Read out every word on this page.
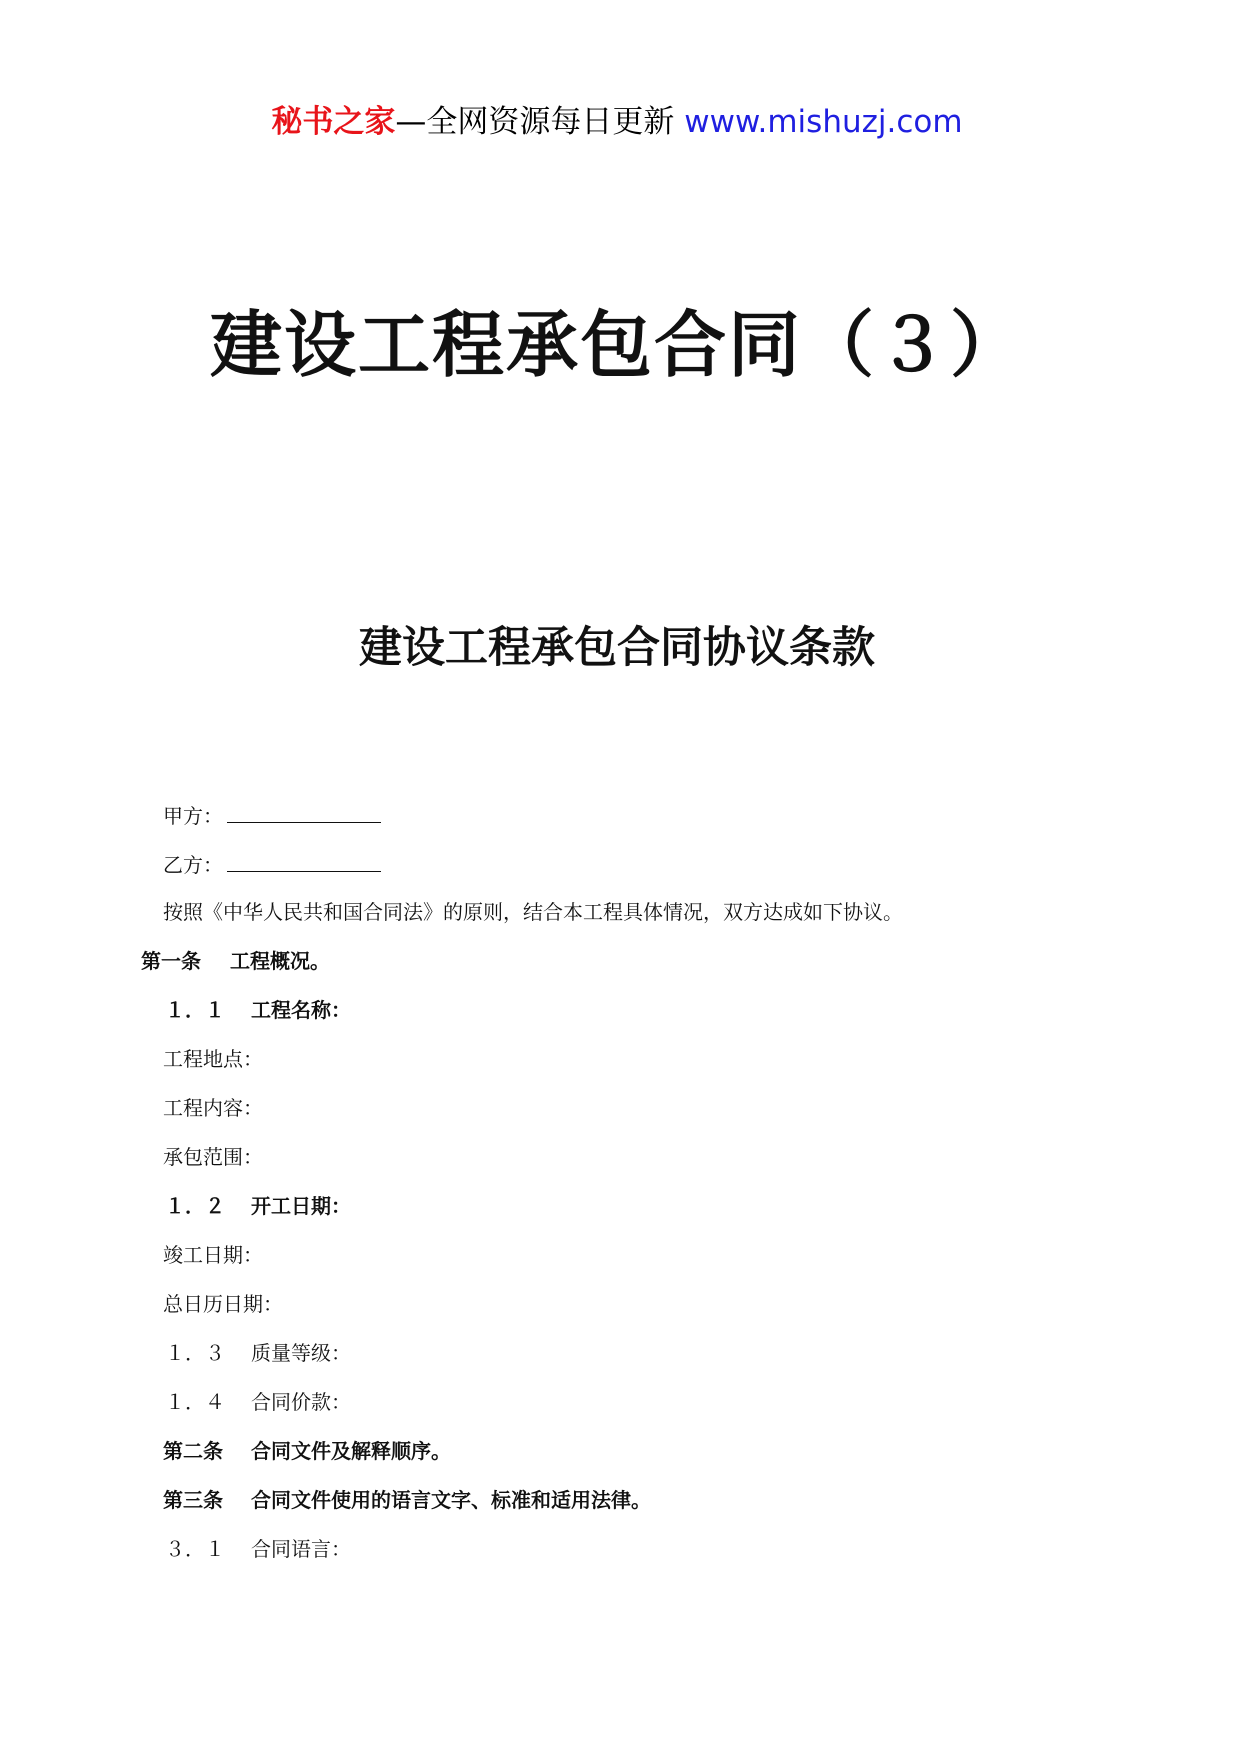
秘书之家—全网资源每日更新 www.mishuzj.com
建设工程承包合同（３）
建设工程承包合同协议条款
甲方：
乙方：
按照《中华人民共和国合同法》的原则，结合本工程具体情况，双方达成如下协议。
第一条 工程概况。
１．１ 工程名称：
工程地点：
工程内容：
承包范围：
１．２ 开工日期：
竣工日期：
总日历日期：
１．３ 质量等级：
１．４ 合同价款：
第二条 合同文件及解释顺序。
第三条 合同文件使用的语言文字、标准和适用法律。
３．１ 合同语言：
